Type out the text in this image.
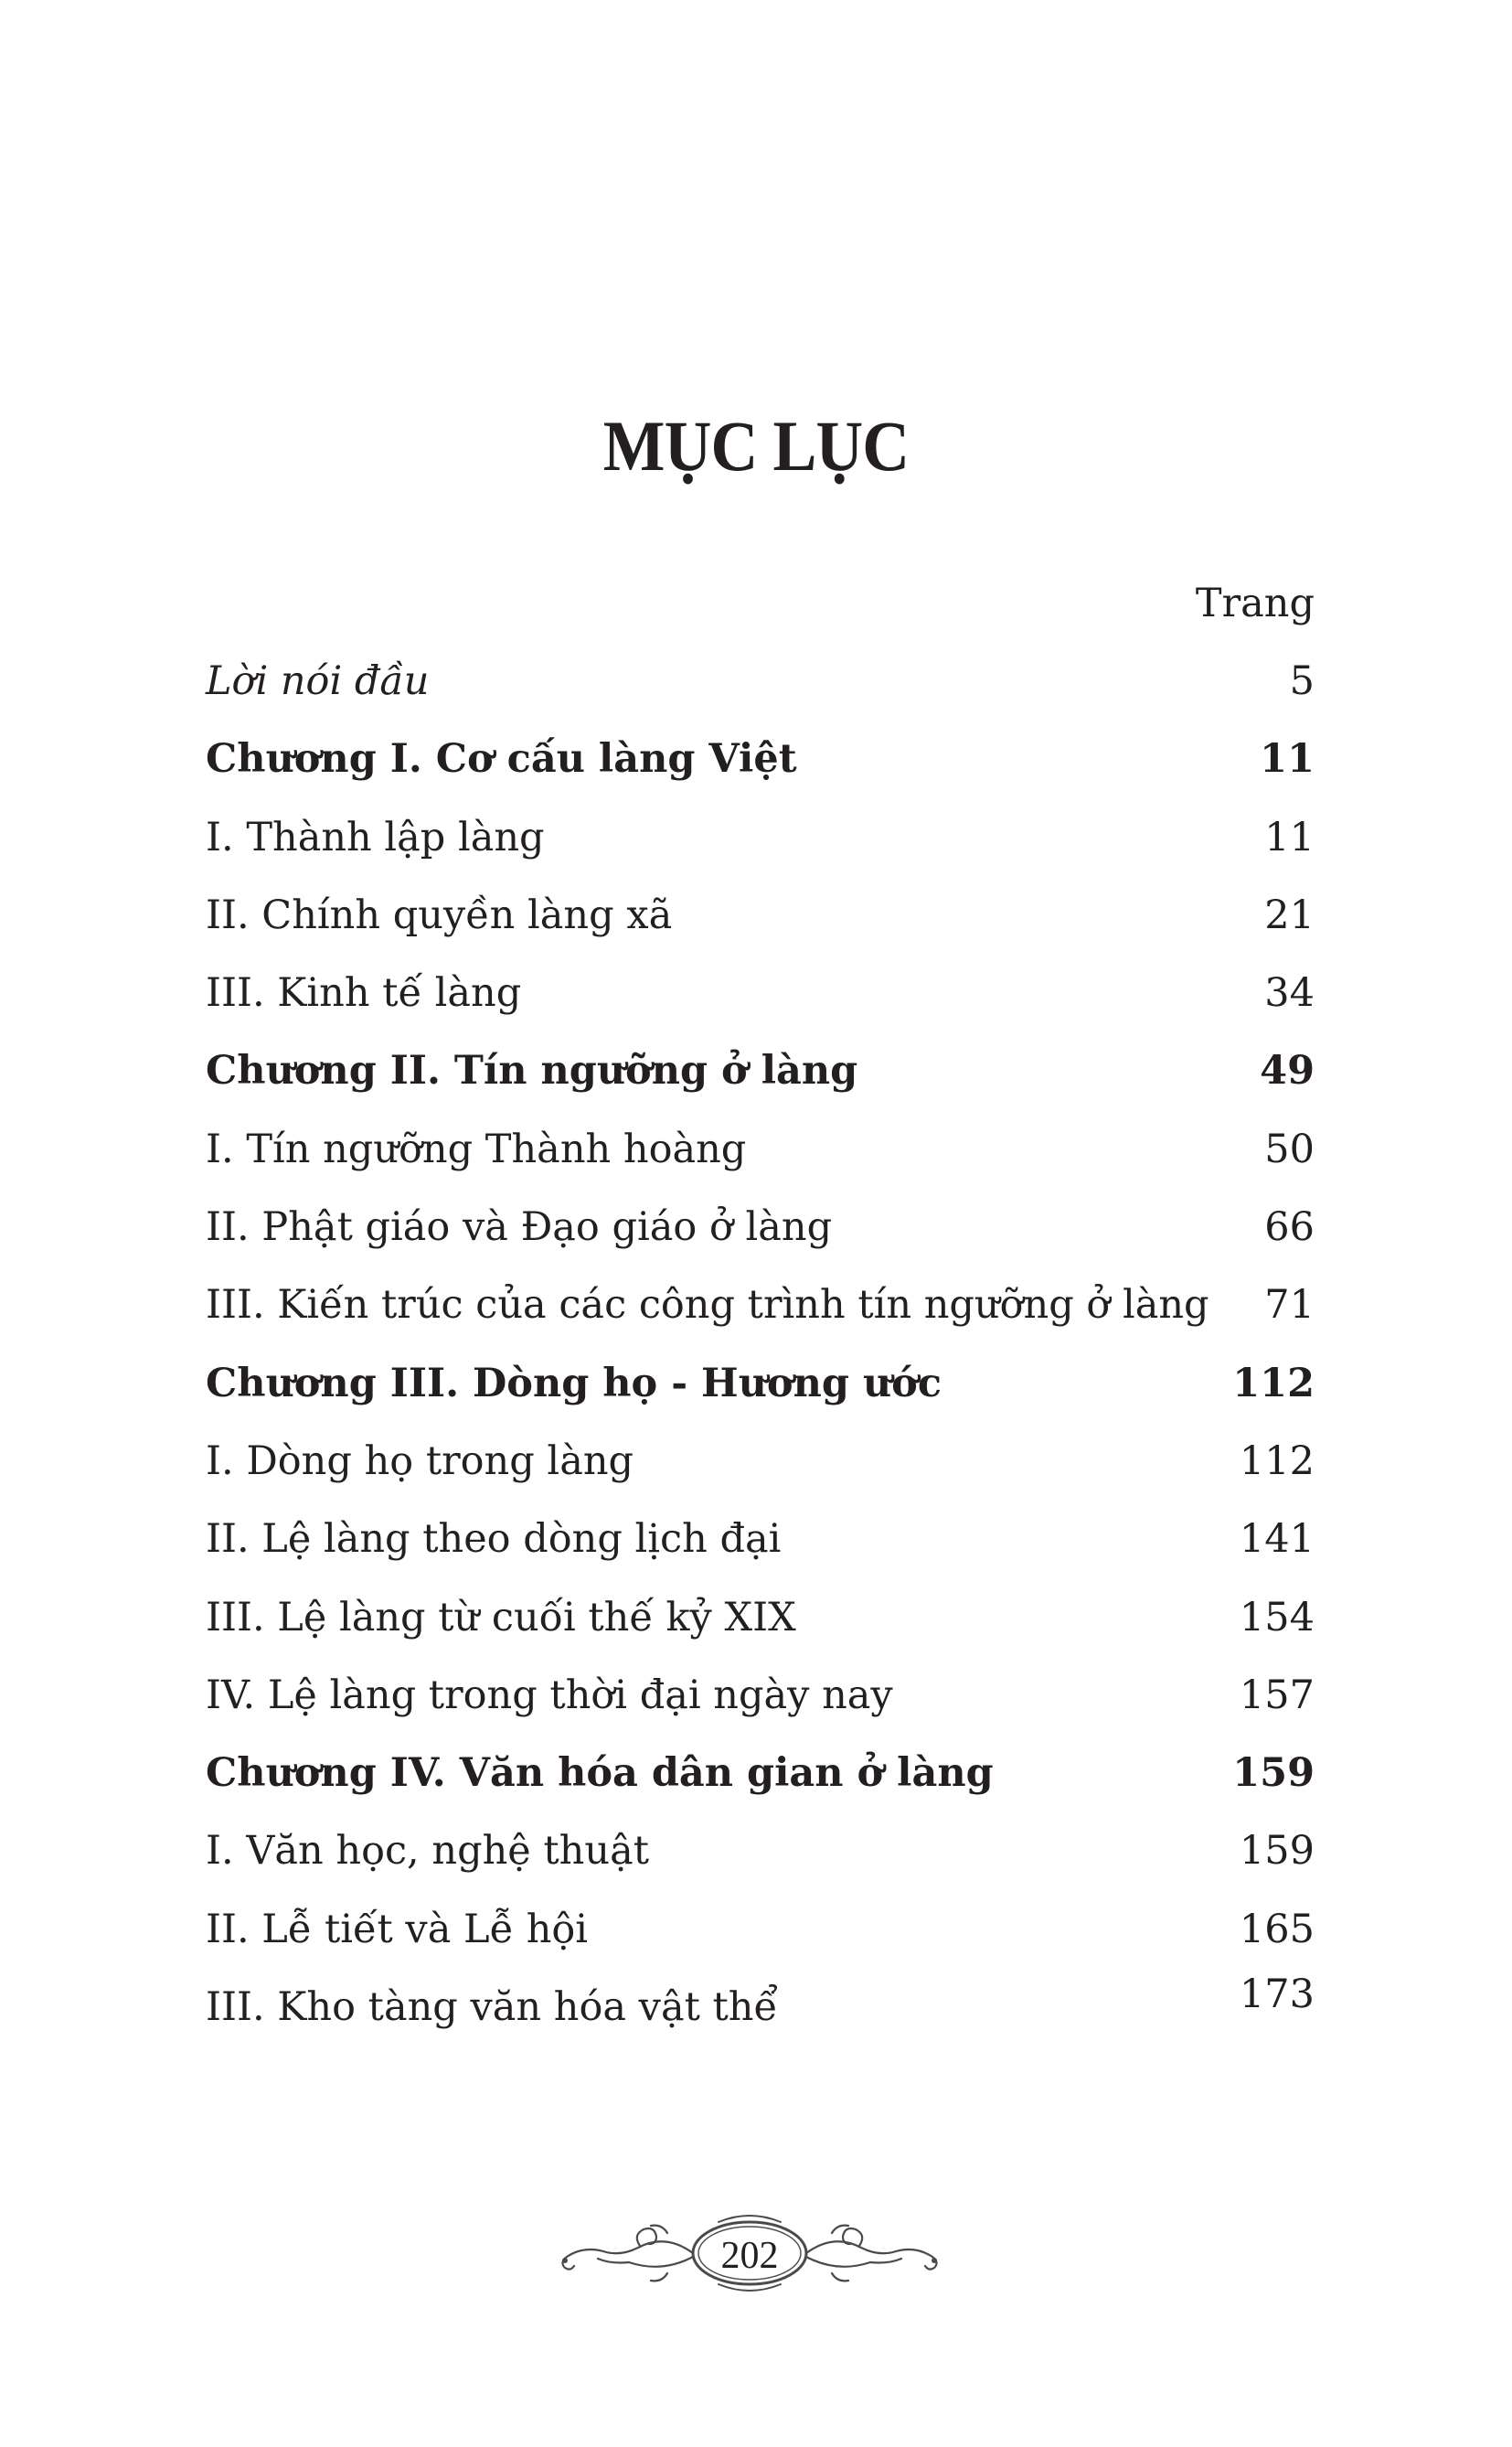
MỤC LỤC
Trang
Lời nói đầu	5
Chương I. Cơ cấu làng Việt	11
I. Thành lập làng	11
II. Chính quyền làng xã	21
III. Kinh tế làng	34
Chương II. Tín ngưỡng ở làng	49
I. Tín ngưỡng Thành hoàng	50
II. Phật giáo và Đạo giáo ở làng	66
III. Kiến trúc của các công trình tín ngưỡng ở làng 71
Chương III. Dòng họ - Hương ước	112
I. Dòng họ trong làng	112
II. Lệ làng theo dòng lịch đại	141
III. Lệ làng từ cuối thế kỷ XIX	154
IV. Lệ làng trong thời đại ngày nay	157
Chương IV. Văn hóa dân gian ở làng	159
I. Văn học, nghệ thuật	159
II. Lễ tiết và Lễ hội	165
III. Kho tàng văn hóa vật thể	173
202
